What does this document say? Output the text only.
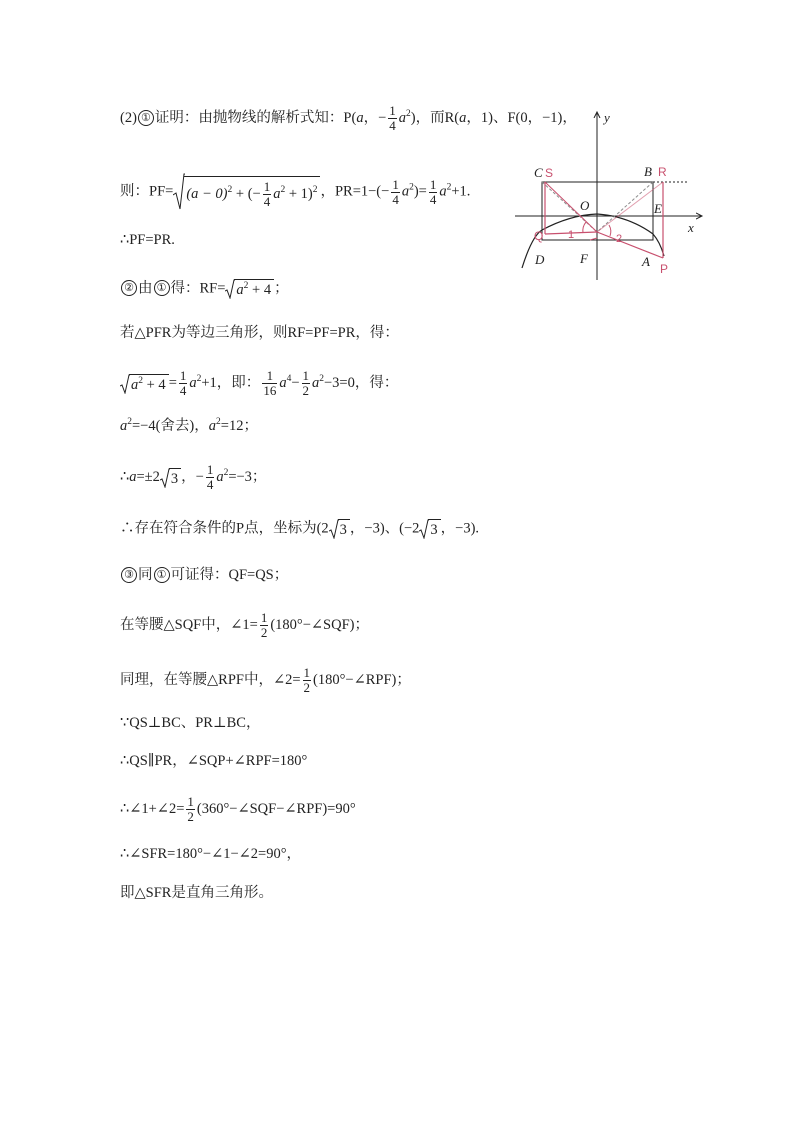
(2) ① 证明：由抛物线的解析式知：P(a，− $\frac{1}{4} a^2$)，而R(a，1)、F(0，−1)，
则：$PF= (a - 0)^2$ + (− $\frac{1}{4} a^2 + 1)^2$ ，$PR=1-(- \frac{1}{4} a^2)= \frac{1}{4} a^2+1$.
∴PF=PR.
② 由 ① 得：$RF= a^2 + 4$ ；
若△PFR为等边三角形，则RF=PF=PR，得：
$a^2 + 4 = \frac{1}{4} a^2+1$，即： $\frac{1}{16} a^4- \frac{1}{2} a^2-3=0$，得：
$a^2=-4$(舍去)，$a^2=12$；
∴a=±2 3 ，− $\frac{1}{4} a^2=-3$；
∴存在符合条件的P点，坐标为(2 3 ，−3)、(−2 3 ，−3).
③ 同 ① 可证得：QF=QS；
在等腰△SQF中，∠1= $\frac{1}{2}$ (180°−∠SQF)；
同理，在等腰△RPF中，∠2= $\frac{1}{2}$ (180°−∠RPF)；
∵QS⊥BC、PR⊥BC，
∴QS∥PR，∠SQP+∠RPF=180°
∴∠1+∠2= $\frac{1}{2}$ (360°−∠SQF−∠RPF)=90°
∴∠SFR=180°−∠1−∠2=90°，
即△SFR是直角三角形。
C S	B R
O	E
x
y
Q 1	2
D	F	A P
